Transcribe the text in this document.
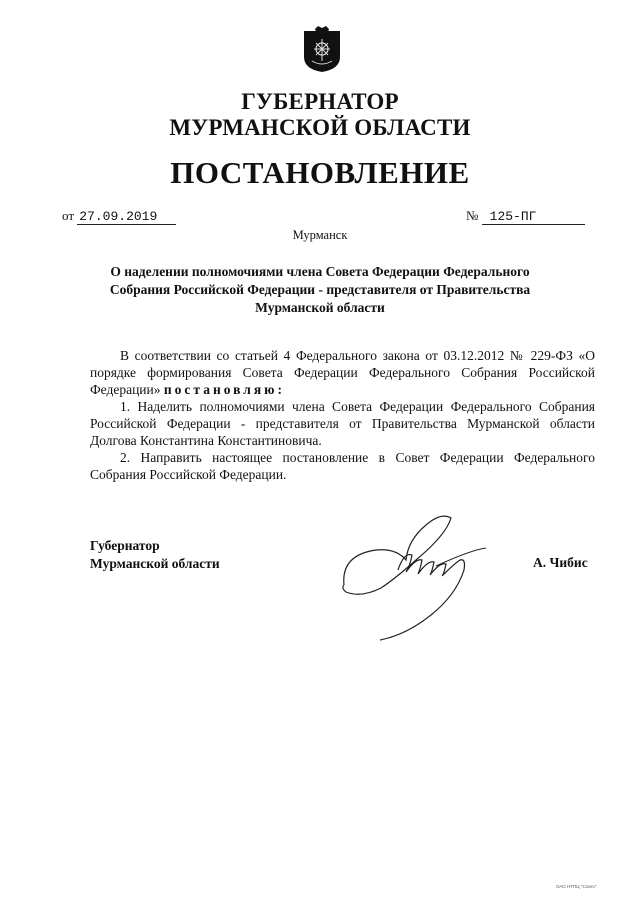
ГУБЕРНАТОР
МУРМАНСКОЙ ОБЛАСТИ
ПОСТАНОВЛЕНИЕ
от 27.09.2019	№ 125-ПГ
Мурманск
О наделении полномочиями члена Совета Федерации Федерального Собрания Российской Федерации - представителя от Правительства Мурманской области

В соответствии со статьей 4 Федерального закона от 03.12.2012 № 229-ФЗ «О порядке формирования Совета Федерации Федерального Собрания Российской Федерации» постановляю:

1. Наделить полномочиями члена Совета Федерации Федерального Собрания Российской Федерации - представителя от Правительства Мурманской области Долгова Константина Константиновича.

2. Направить настоящее постановление в Совет Федерации Федерального Собрания Российской Федерации.

Губернатор
Мурманской области	А. Чибис
ОАО НТПЦ "Слиго"
